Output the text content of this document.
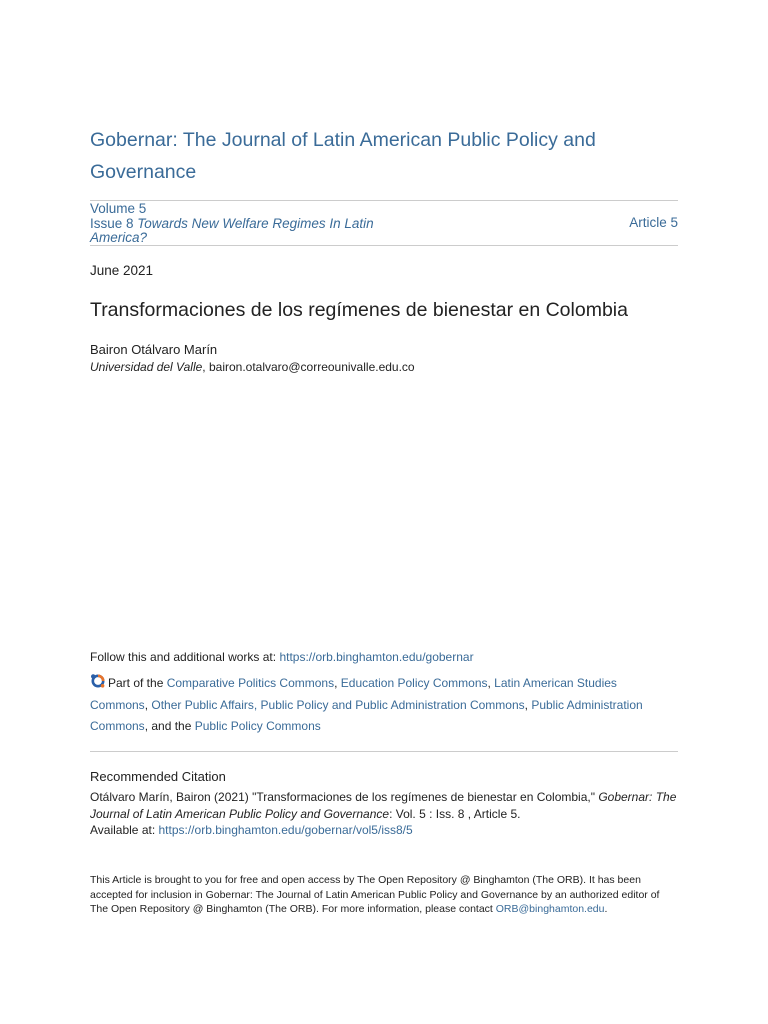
Gobernar: The Journal of Latin American Public Policy and
Governance
Volume 5
Issue 8 Towards New Welfare Regimes In Latin
America?
Article 5
June 2021
Transformaciones de los regímenes de bienestar en Colombia
Bairon Otálvaro Marín
Universidad del Valle, bairon.otalvaro@correounivalle.edu.co
Follow this and additional works at: https://orb.binghamton.edu/gobernar
Part of the Comparative Politics Commons, Education Policy Commons, Latin American Studies Commons, Other Public Affairs, Public Policy and Public Administration Commons, Public Administration Commons, and the Public Policy Commons
Recommended Citation
Otálvaro Marín, Bairon (2021) "Transformaciones de los regímenes de bienestar en Colombia," Gobernar: The Journal of Latin American Public Policy and Governance: Vol. 5 : Iss. 8 , Article 5.
Available at: https://orb.binghamton.edu/gobernar/vol5/iss8/5
This Article is brought to you for free and open access by The Open Repository @ Binghamton (The ORB). It has been accepted for inclusion in Gobernar: The Journal of Latin American Public Policy and Governance by an authorized editor of The Open Repository @ Binghamton (The ORB). For more information, please contact ORB@binghamton.edu.
